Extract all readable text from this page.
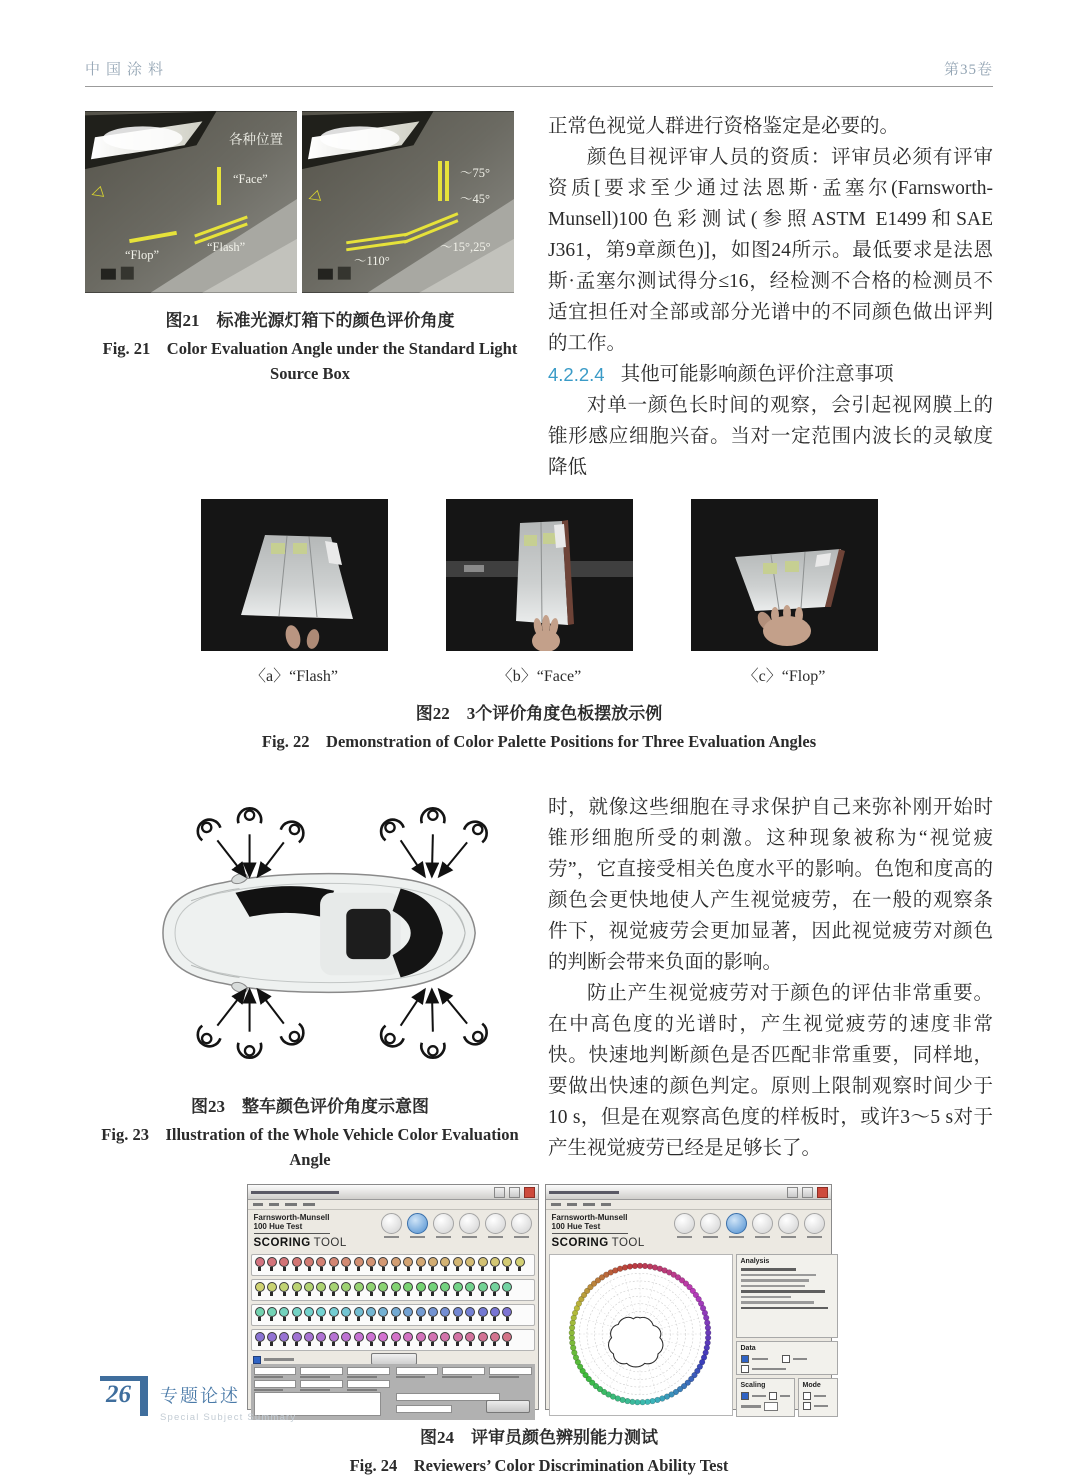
中国涂料	第35卷
◁
各种位置
“Face”
“Flop”
“Flash”
◁
～75°
～45°
～110°
～15°,25°
图21　标准光源灯箱下的颜色评价角度
Fig. 21　Color Evaluation Angle under the Standard Light
Source Box

正常色视觉人群进行资格鉴定是必要的。

颜色目视评审人员的资质：评审员必须有评审资质[要求至少通过法恩斯·孟塞尔(Farnsworth-Munsell)100色彩测试(参照ASTM E1499和SAE J361，第9章颜色)]，如图24所示。最低要求是法恩斯·孟塞尔测试得分≤16，经检测不合格的检测员不适宜担任对全部或部分光谱中的不同颜色做出评判的工作。

4.2.2.4 其他可能影响颜色评价注意事项

对单一颜色长时间的观察，会引起视网膜上的锥形感应细胞兴奋。当对一定范围内波长的灵敏度降低

〈a〉“Flash”	〈b〉“Face”	〈c〉“Flop”
图22　3个评价角度色板摆放示例
Fig. 22　Demonstration of Color Palette Positions for Three Evaluation Angles
图23　整车颜色评价角度示意图
Fig. 23　Illustration of the Whole Vehicle Color Evaluation
Angle

时，就像这些细胞在寻求保护自己来弥补刚开始时锥形细胞所受的刺激。这种现象被称为“视觉疲劳”，它直接受相关色度水平的影响。色饱和度高的颜色会更快地使人产生视觉疲劳，在一般的观察条件下，视觉疲劳会更加显著，因此视觉疲劳对颜色的判断会带来负面的影响。

防止产生视觉疲劳对于颜色的评估非常重要。在中高色度的光谱时，产生视觉疲劳的速度非常快。快速地判断颜色是否匹配非常重要，同样地，要做出快速的颜色判定。原则上限制观察时间少于10 s，但是在观察高色度的样板时，或许3～5 s对于产生视觉疲劳已经是足够长了。

Farnsworth-Munsell
100 Hue Test
SCORING TOOL
Farnsworth-Munsell
100 Hue Test
SCORING TOOL
Analysis
Data
Scaling	Mode
图24　评审员颜色辨别能力测试
Fig. 24　Reviewers’ Color Discrimination Ability Test
26	专题论述
Special Subject Summary
